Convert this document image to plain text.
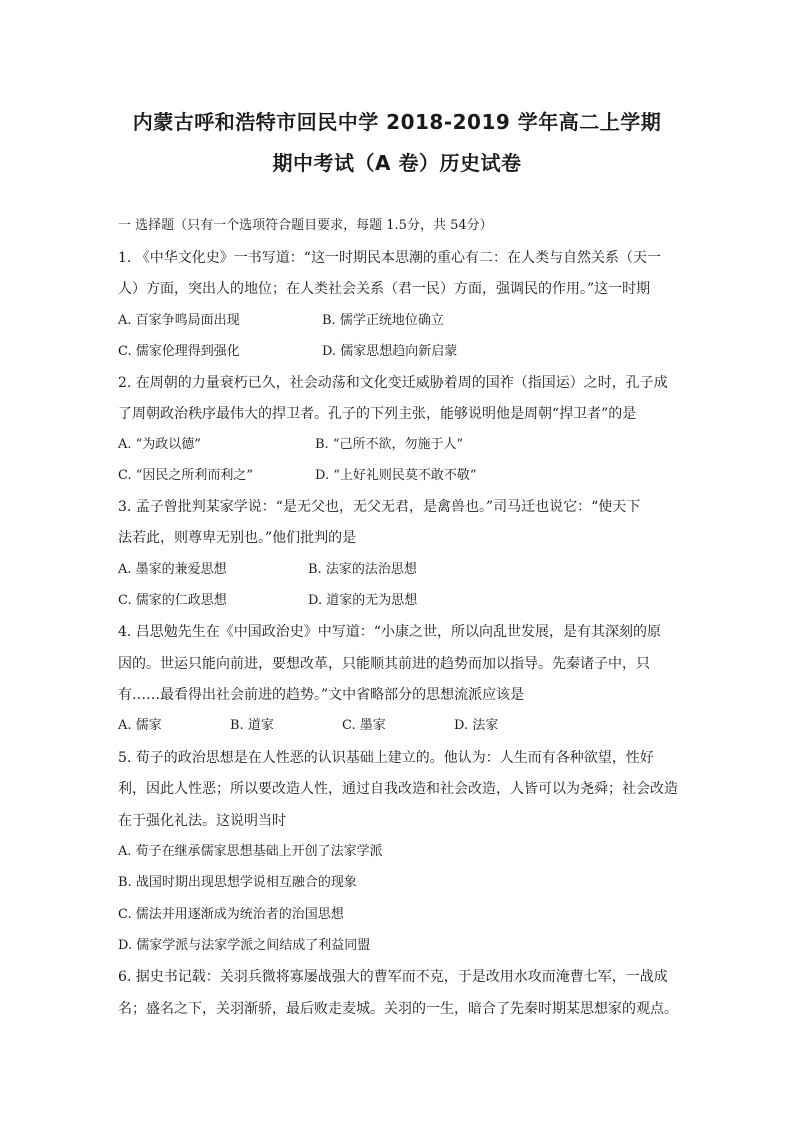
内蒙古呼和浩特市回民中学 2018-2019 学年高二上学期
期中考试（A 卷）历史试卷
一 选择题（只有一个选项符合题目要求，每题 1.5分，共 54分）
1. 《中华文化史》一书写道：“这一时期民本思潮的重心有二：在人类与自然关系（天一
人）方面，突出人的地位；在人类社会关系（君一民）方面，强调民的作用。”这一时期
A. 百家争鸣局面出现	B. 儒学正统地位确立
C. 儒家伦理得到强化	D. 儒家思想趋向新启蒙
2. 在周朝的力量衰朽已久，社会动荡和文化变迁威胁着周的国祚（指国运）之时，孔子成
了周朝政治秩序最伟大的捍卫者。孔子的下列主张，能够说明他是周朝“捍卫者”的是
A. “为政以德”	B. “己所不欲，勿施于人”
C. “因民之所利而利之”	D. “上好礼则民莫不敢不敬”
3. 孟子曾批判某家学说：“是无父也，无父无君，是禽兽也。”司马迁也说它：“使天下
法若此，则尊卑无别也。”他们批判的是
A. 墨家的兼爱思想	B. 法家的法治思想
C. 儒家的仁政思想	D. 道家的无为思想
4. 吕思勉先生在《中国政治史》中写道：“小康之世，所以向乱世发展，是有其深刻的原
因的。世运只能向前进，要想改革，只能顺其前进的趋势而加以指导。先秦诸子中，只
有……最看得出社会前进的趋势。”文中省略部分的思想流派应该是
A. 儒家	B. 道家	C. 墨家	D. 法家
5. 荀子的政治思想是在人性恶的认识基础上建立的。他认为：人生而有各种欲望，性好
利，因此人性恶；所以要改造人性，通过自我改造和社会改造，人皆可以为尧舜；社会改造
在于强化礼法。这说明当时
A. 荀子在继承儒家思想基础上开创了法家学派
B. 战国时期出现思想学说相互融合的现象
C. 儒法并用逐渐成为统治者的治国思想
D. 儒家学派与法家学派之间结成了利益同盟
6. 据史书记载：关羽兵微将寡屡战强大的曹军而不克，于是改用水攻而淹曹七军，一战成
名；盛名之下，关羽渐骄，最后败走麦城。关羽的一生，暗合了先秦时期某思想家的观点。
